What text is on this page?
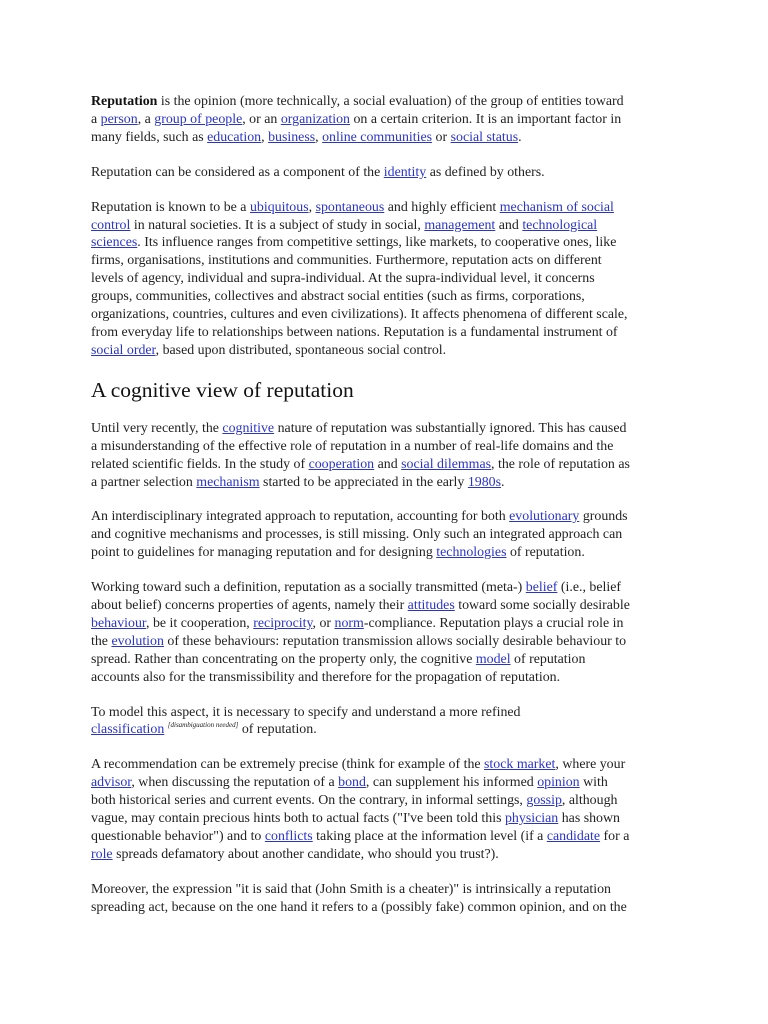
Reputation is the opinion (more technically, a social evaluation) of the group of entities toward
a person, a group of people, or an organization on a certain criterion. It is an important factor in
many fields, such as education, business, online communities or social status.

Reputation can be considered as a component of the identity as defined by others.

Reputation is known to be a ubiquitous, spontaneous and highly efficient mechanism of social
control in natural societies. It is a subject of study in social, management and technological
sciences. Its influence ranges from competitive settings, like markets, to cooperative ones, like
firms, organisations, institutions and communities. Furthermore, reputation acts on different
levels of agency, individual and supra-individual. At the supra-individual level, it concerns
groups, communities, collectives and abstract social entities (such as firms, corporations,
organizations, countries, cultures and even civilizations). It affects phenomena of different scale,
from everyday life to relationships between nations. Reputation is a fundamental instrument of
social order, based upon distributed, spontaneous social control.

A cognitive view of reputation

Until very recently, the cognitive nature of reputation was substantially ignored. This has caused
a misunderstanding of the effective role of reputation in a number of real-life domains and the
related scientific fields. In the study of cooperation and social dilemmas, the role of reputation as
a partner selection mechanism started to be appreciated in the early 1980s.

An interdisciplinary integrated approach to reputation, accounting for both evolutionary grounds
and cognitive mechanisms and processes, is still missing. Only such an integrated approach can
point to guidelines for managing reputation and for designing technologies of reputation.

Working toward such a definition, reputation as a socially transmitted (meta-) belief (i.e., belief
about belief) concerns properties of agents, namely their attitudes toward some socially desirable
behaviour, be it cooperation, reciprocity, or norm-compliance. Reputation plays a crucial role in
the evolution of these behaviours: reputation transmission allows socially desirable behaviour to
spread. Rather than concentrating on the property only, the cognitive model of reputation
accounts also for the transmissibility and therefore for the propagation of reputation.

To model this aspect, it is necessary to specify and understand a more refined
classification [disambiguation needed] of reputation.

A recommendation can be extremely precise (think for example of the stock market, where your
advisor, when discussing the reputation of a bond, can supplement his informed opinion with
both historical series and current events. On the contrary, in informal settings, gossip, although
vague, may contain precious hints both to actual facts ("I've been told this physician has shown
questionable behavior") and to conflicts taking place at the information level (if a candidate for a
role spreads defamatory about another candidate, who should you trust?).

Moreover, the expression "it is said that (John Smith is a cheater)" is intrinsically a reputation
spreading act, because on the one hand it refers to a (possibly fake) common opinion, and on the
